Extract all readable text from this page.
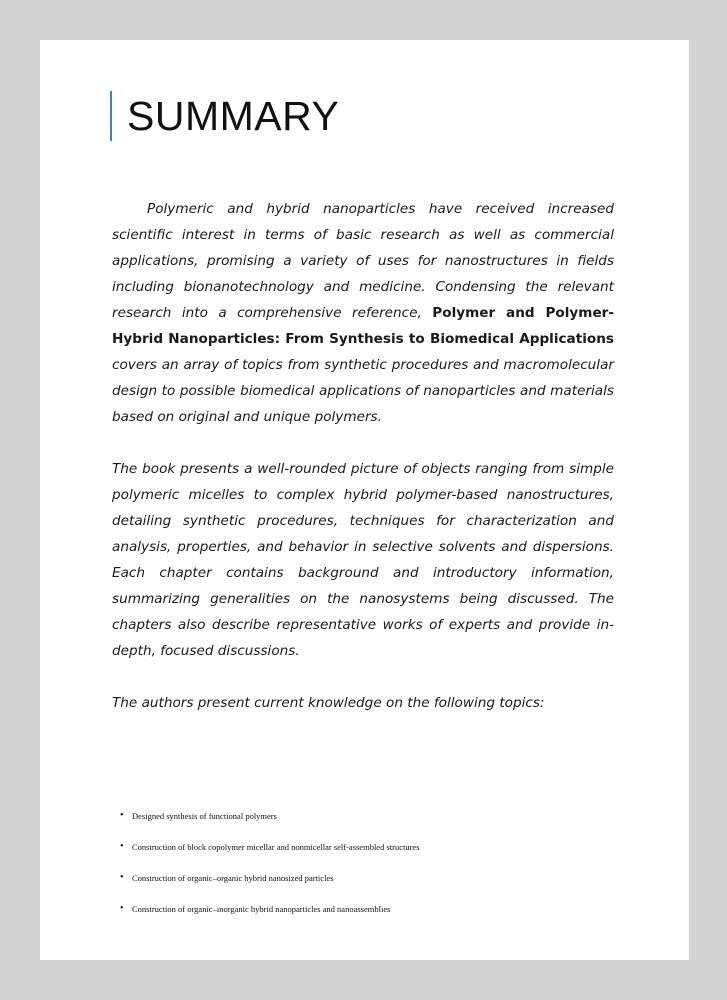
SUMMARY

Polymeric and hybrid nanoparticles have received increased scientific interest in terms of basic research as well as commercial applications, promising a variety of uses for nanostructures in fields including bionanotechnology and medicine. Condensing the relevant research into a comprehensive reference, Polymer and Polymer-Hybrid Nanoparticles: From Synthesis to Biomedical Applications covers an array of topics from synthetic procedures and macromolecular design to possible biomedical applications of nanoparticles and materials based on original and unique polymers.

The book presents a well-rounded picture of objects ranging from simple polymeric micelles to complex hybrid polymer-based nanostructures, detailing synthetic procedures, techniques for characterization and analysis, properties, and behavior in selective solvents and dispersions. Each chapter contains background and introductory information, summarizing generalities on the nanosystems being discussed. The chapters also describe representative works of experts and provide in-depth, focused discussions.

The authors present current knowledge on the following topics:

• Designed synthesis of functional polymers
• Construction of block copolymer micellar and nonmicellar self-assembled structures
• Construction of organic–organic hybrid nanosized particles
• Construction of organic–inorganic hybrid nanoparticles and nanoassemblies
